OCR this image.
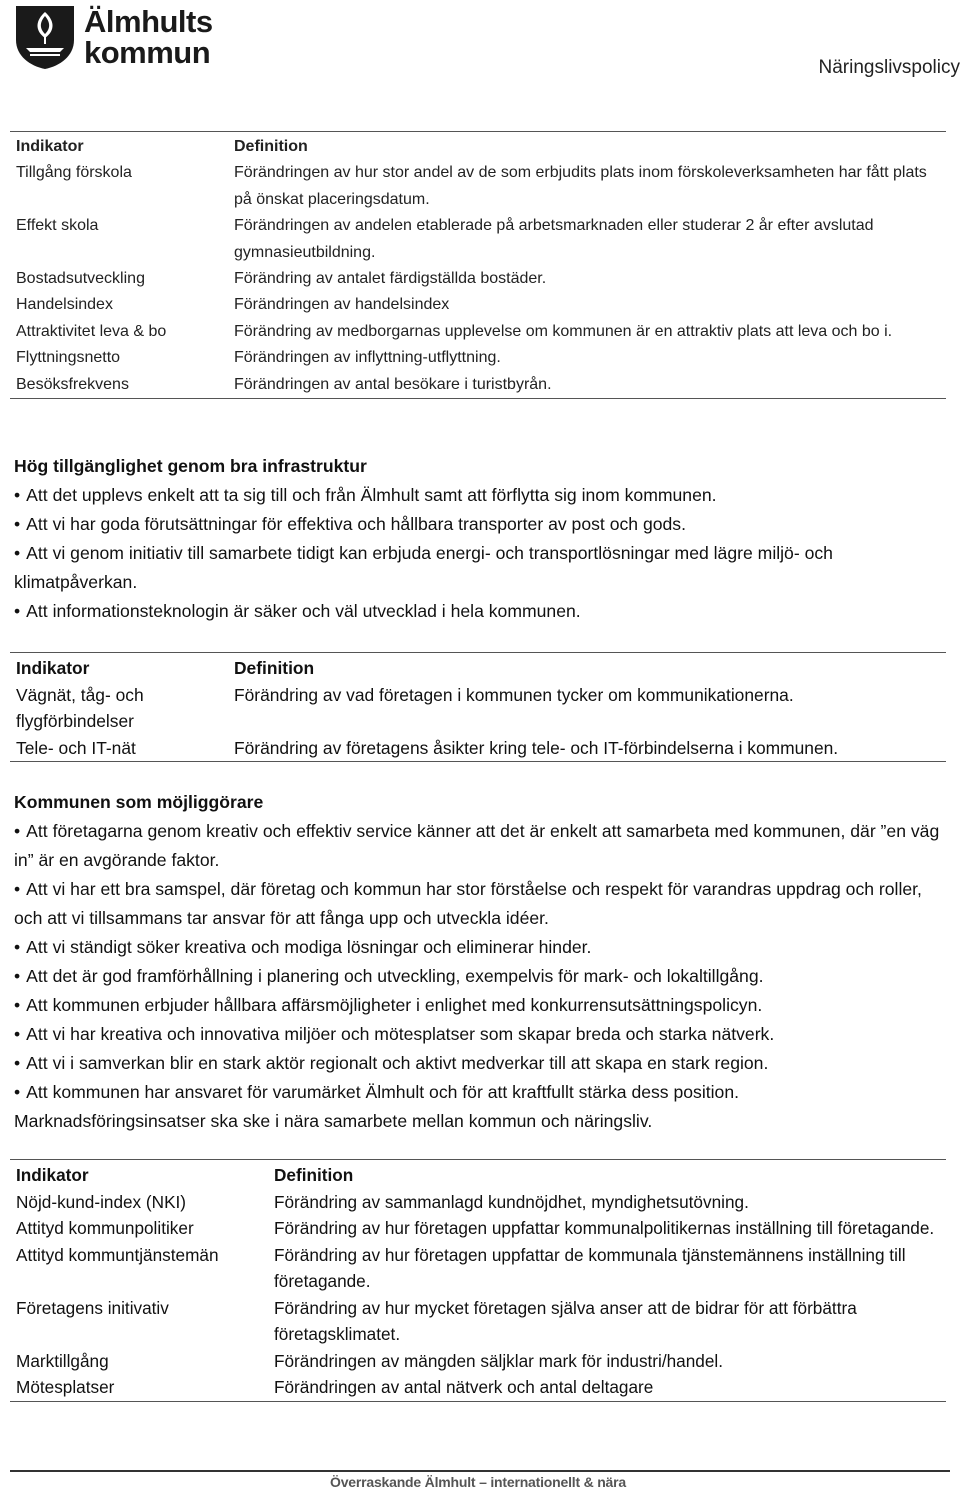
Älmhults
kommun	Näringslivspolicy
Indikator	Definition
Tillgång förskola	Förändringen av hur stor andel av de som erbjudits plats inom förskoleverksamheten har fått plats på önskat placeringsdatum.
Effekt skola	Förändringen av andelen etablerade på arbetsmarknaden eller studerar 2 år efter avslutad gymnasieutbildning.
Bostadsutveckling	Förändring av antalet färdigställda bostäder.
Handelsindex	Förändringen av handelsindex
Attraktivitet leva & bo	Förändring av medborgarnas upplevelse om kommunen är en attraktiv plats att leva och bo i.
Flyttningsnetto	Förändringen av inflyttning-utflyttning.
Besöksfrekvens	Förändringen av antal besökare i turistbyrån.
Hög tillgänglighet genom bra infrastruktur

• Att det upplevs enkelt att ta sig till och från Älmhult samt att förflytta sig inom kommunen.

• Att vi har goda förutsättningar för effektiva och hållbara transporter av post och gods.

• Att vi genom initiativ till samarbete tidigt kan erbjuda energi- och transportlösningar med lägre miljö- och klimatpåverkan.

• Att informationsteknologin är säker och väl utvecklad i hela kommunen.

Indikator	Definition
Vägnät, tåg- och flygförbindelser	Förändring av vad företagen i kommunen tycker om kommunikationerna.
Tele- och IT-nät	Förändring av företagens åsikter kring tele- och IT-förbindelserna i kommunen.
Kommunen som möjliggörare

• Att företagarna genom kreativ och effektiv service känner att det är enkelt att samarbeta med kommunen, där ”en väg in” är en avgörande faktor.

• Att vi har ett bra samspel, där företag och kommun har stor förståelse och respekt för varandras uppdrag och roller, och att vi tillsammans tar ansvar för att fånga upp och utveckla idéer.

• Att vi ständigt söker kreativa och modiga lösningar och eliminerar hinder.

• Att det är god framförhållning i planering och utveckling, exempelvis för mark- och lokaltillgång.

• Att kommunen erbjuder hållbara affärsmöjligheter i enlighet med konkurrensutsättningspolicyn.

• Att vi har kreativa och innovativa miljöer och mötesplatser som skapar breda och starka nätverk.

• Att vi i samverkan blir en stark aktör regionalt och aktivt medverkar till att skapa en stark region.

• Att kommunen har ansvaret för varumärket Älmhult och för att kraftfullt stärka dess position.

Marknadsföringsinsatser ska ske i nära samarbete mellan kommun och näringsliv.

Indikator	Definition
Nöjd-kund-index (NKI)	Förändring av sammanlagd kundnöjdhet, myndighetsutövning.
Attityd kommunpolitiker	Förändring av hur företagen uppfattar kommunalpolitikernas inställning till företagande.
Attityd kommuntjänstemän	Förändring av hur företagen uppfattar de kommunala tjänstemännens inställning till företagande.
Företagens initivativ	Förändring av hur mycket företagen själva anser att de bidrar för att förbättra företagsklimatet.
Marktillgång	Förändringen av mängden säljklar mark för industri/handel.
Mötesplatser	Förändringen av antal nätverk och antal deltagare
Överraskande Älmhult – internationellt & nära
